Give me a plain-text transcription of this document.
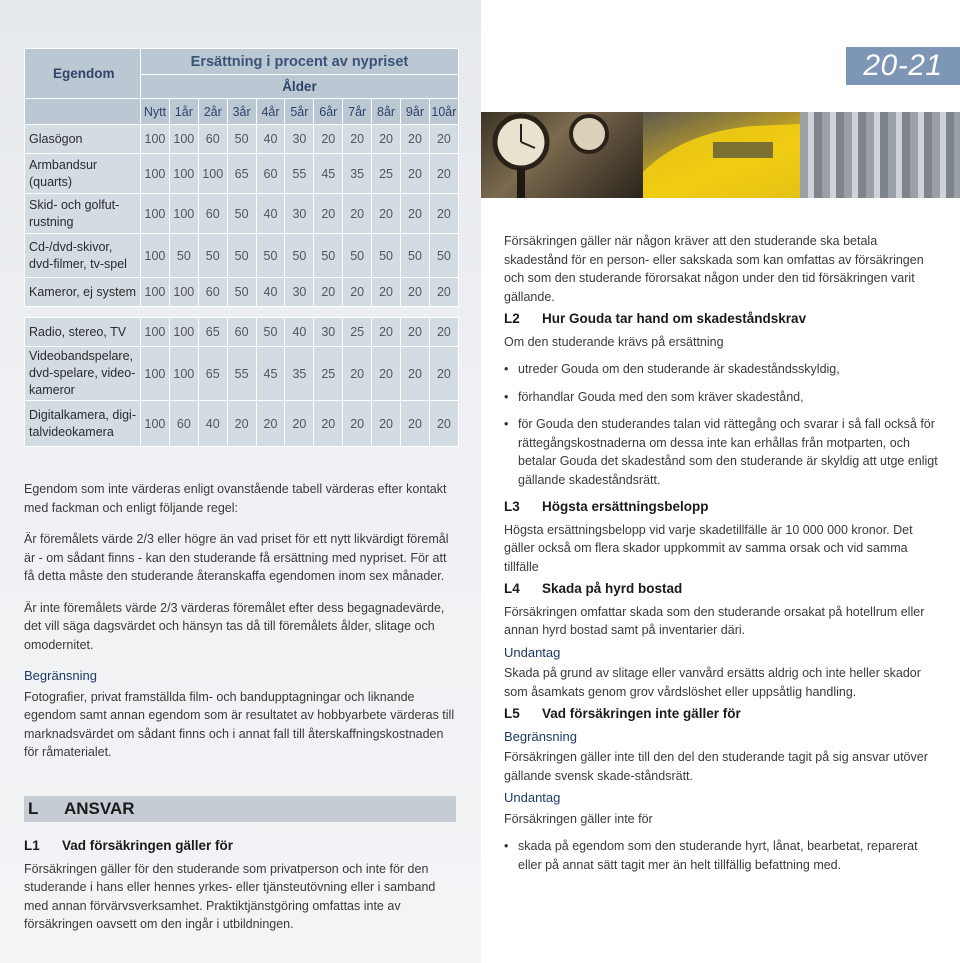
Egendom	Ersättning i procent av nypriset										
	Ålder										
	Nytt	1år	2år	3år	4år	5år	6år	7år	8år	9år	10år
Glasögon	100	100	60	50	40	30	20	20	20	20	20
Armbandsur (quarts)	100	100	100	65	60	55	45	35	25	20	20
Skid- och golfut-rustning	100	100	60	50	40	30	20	20	20	20	20
Cd-/dvd-skivor, dvd-filmer, tv-spel	100	50	50	50	50	50	50	50	50	50	50
Kameror, ej system	100	100	60	50	40	30	20	20	20	20	20

Radio, stereo, TV	100	100	65	60	50	40	30	25	20	20	20
Videobandspelare, dvd-spelare, video-kameror	100	100	65	55	45	35	25	20	20	20	20
Digitalkamera, digi-talvideokamera	100	60	40	20	20	20	20	20	20	20	20

Egendom som inte värderas enligt ovanstående tabell värderas efter kontakt med fackman och enligt följande regel:

Är föremålets värde 2/3 eller högre än vad priset för ett nytt likvärdigt föremål är - om sådant finns - kan den studerande få ersättning med nypriset. För att få detta måste den studerande återanskaffa egendomen inom sex månader.

Är inte föremålets värde 2/3 värderas föremålet efter dess begagnadevärde, det vill säga dagsvärdet och hänsyn tas då till föremålets ålder, slitage och omodernitet.

Begränsning

Fotografier, privat framställda film- och bandupptagningar och liknande egendom samt annan egendom som är resultatet av hobbyarbete värderas till marknadsvärdet om sådant finns och i annat fall till återskaffningskostnaden för råmaterialet.

L	ANSVAR
L1	Vad försäkringen gäller för

Försäkringen gäller för den studerande som privatperson och inte för den studerande i hans eller hennes yrkes- eller tjänsteutövning eller i samband med annan förvärvsverksamhet. Praktiktjänstgöring omfattas inte av försäkringen oavsett om den ingår i utbildningen.

20-21

Försäkringen gäller när någon kräver att den studerande ska betala skadestånd för en person- eller sakskada som kan omfattas av försäkringen och som den studerande förorsakat någon under den tid försäkringen varit gällande.

L2	Hur Gouda tar hand om skadeståndskrav

Om den studerande krävs på ersättning

• utreder Gouda om den studerande är skadeståndsskyldig,
• förhandlar Gouda med den som kräver skadestånd,
• för Gouda den studerandes talan vid rättegång och svarar i så fall också för rättegångskostnaderna om dessa inte kan erhållas från motparten, och betalar Gouda det skadestånd som den studerande är skyldig att utge enligt gällande skadeståndsrätt.
L3	Högsta ersättningsbelopp

Högsta ersättningsbelopp vid varje skadetillfälle är 10 000 000 kronor. Det gäller också om flera skador uppkommit av samma orsak och vid samma tillfälle

L4	Skada på hyrd bostad

Försäkringen omfattar skada som den studerande orsakat på hotellrum eller annan hyrd bostad samt på inventarier däri.

Undantag

Skada på grund av slitage eller vanvård ersätts aldrig och inte heller skador som åsamkats genom grov vårdslöshet eller uppsåtlig handling.

L5	Vad försäkringen inte gäller för
Begränsning

Försäkringen gäller inte till den del den studerande tagit på sig ansvar utöver gällande svensk skade-ståndsrätt.

Undantag

Försäkringen gäller inte för

• skada på egendom som den studerande hyrt, lånat, bearbetat, reparerat eller på annat sätt tagit mer än helt tillfällig befattning med.
